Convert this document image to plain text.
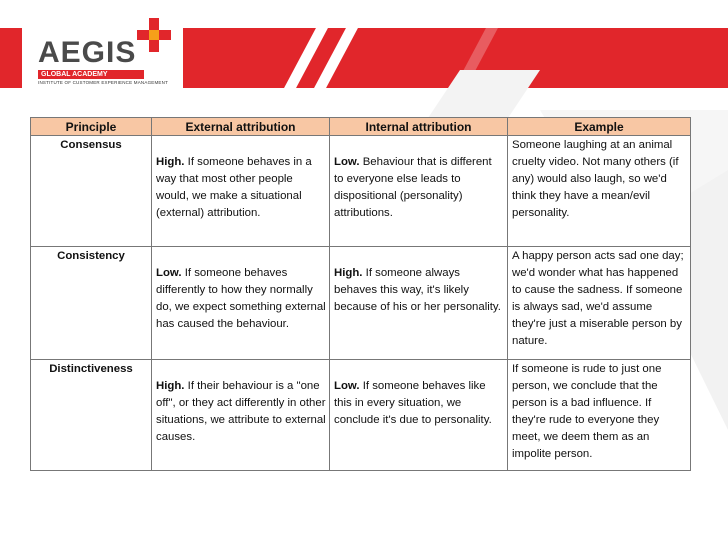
AEGIS
GLOBAL ACADEMY
INSTITUTE OF CUSTOMER EXPERIENCE MANAGEMENT
Principle	External attribution	Internal attribution	Example

Consensus	High. If someone behaves in a way that most other people would, we make a situational (external) attribution.	Low. Behaviour that is different to everyone else leads to dispositional (personality) attributions.	Someone laughing at an animal cruelty video. Not many others (if any) would also laugh, so we'd think they have a mean/evil personality.

Consistency	Low. If someone behaves differently to how they normally do, we expect something external has caused the behaviour.	High. If someone always behaves this way, it's likely because of his or her personality.	A happy person acts sad one day; we'd wonder what has happened to cause the sadness. If someone is always sad, we'd assume they're just a miserable person by nature.

Distinctiveness	High. If their behaviour is a "one off", or they act differently in other situations, we attribute to external causes.	Low. If someone behaves like this in every situation, we conclude it's due to personality.	If someone is rude to just one person, we conclude that the person is a bad influence. If they're rude to everyone they meet, we deem them as an impolite person.
